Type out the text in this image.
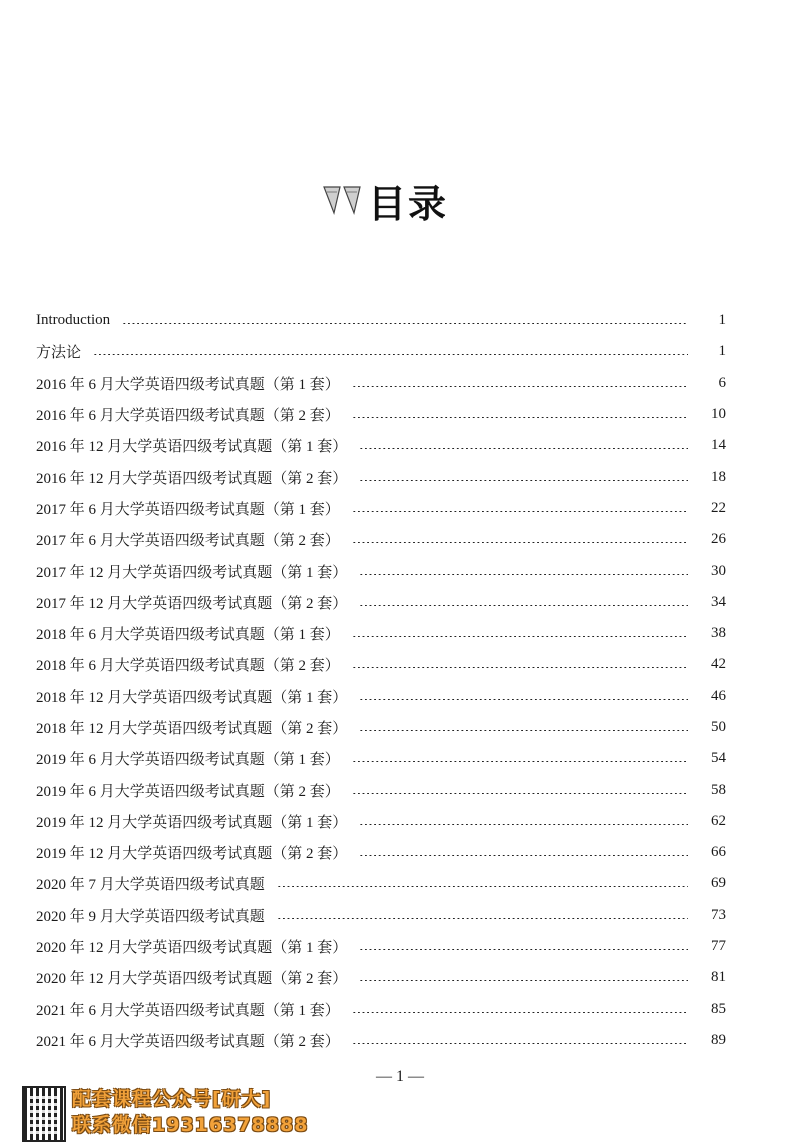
目录
Introduction	1
方法论	1
2016 年 6 月大学英语四级考试真题（第 1 套）	6
2016 年 6 月大学英语四级考试真题（第 2 套）	10
2016 年 12 月大学英语四级考试真题（第 1 套）	14
2016 年 12 月大学英语四级考试真题（第 2 套）	18
2017 年 6 月大学英语四级考试真题（第 1 套）	22
2017 年 6 月大学英语四级考试真题（第 2 套）	26
2017 年 12 月大学英语四级考试真题（第 1 套）	30
2017 年 12 月大学英语四级考试真题（第 2 套）	34
2018 年 6 月大学英语四级考试真题（第 1 套）	38
2018 年 6 月大学英语四级考试真题（第 2 套）	42
2018 年 12 月大学英语四级考试真题（第 1 套）	46
2018 年 12 月大学英语四级考试真题（第 2 套）	50
2019 年 6 月大学英语四级考试真题（第 1 套）	54
2019 年 6 月大学英语四级考试真题（第 2 套）	58
2019 年 12 月大学英语四级考试真题（第 1 套）	62
2019 年 12 月大学英语四级考试真题（第 2 套）	66
2020 年 7 月大学英语四级考试真题	69
2020 年 9 月大学英语四级考试真题	73
2020 年 12 月大学英语四级考试真题（第 1 套）	77
2020 年 12 月大学英语四级考试真题（第 2 套）	81
2021 年 6 月大学英语四级考试真题（第 1 套）	85
2021 年 6 月大学英语四级考试真题（第 2 套）	89
— 1 —
配套课程公众号[研大]
联系微信19316378888
